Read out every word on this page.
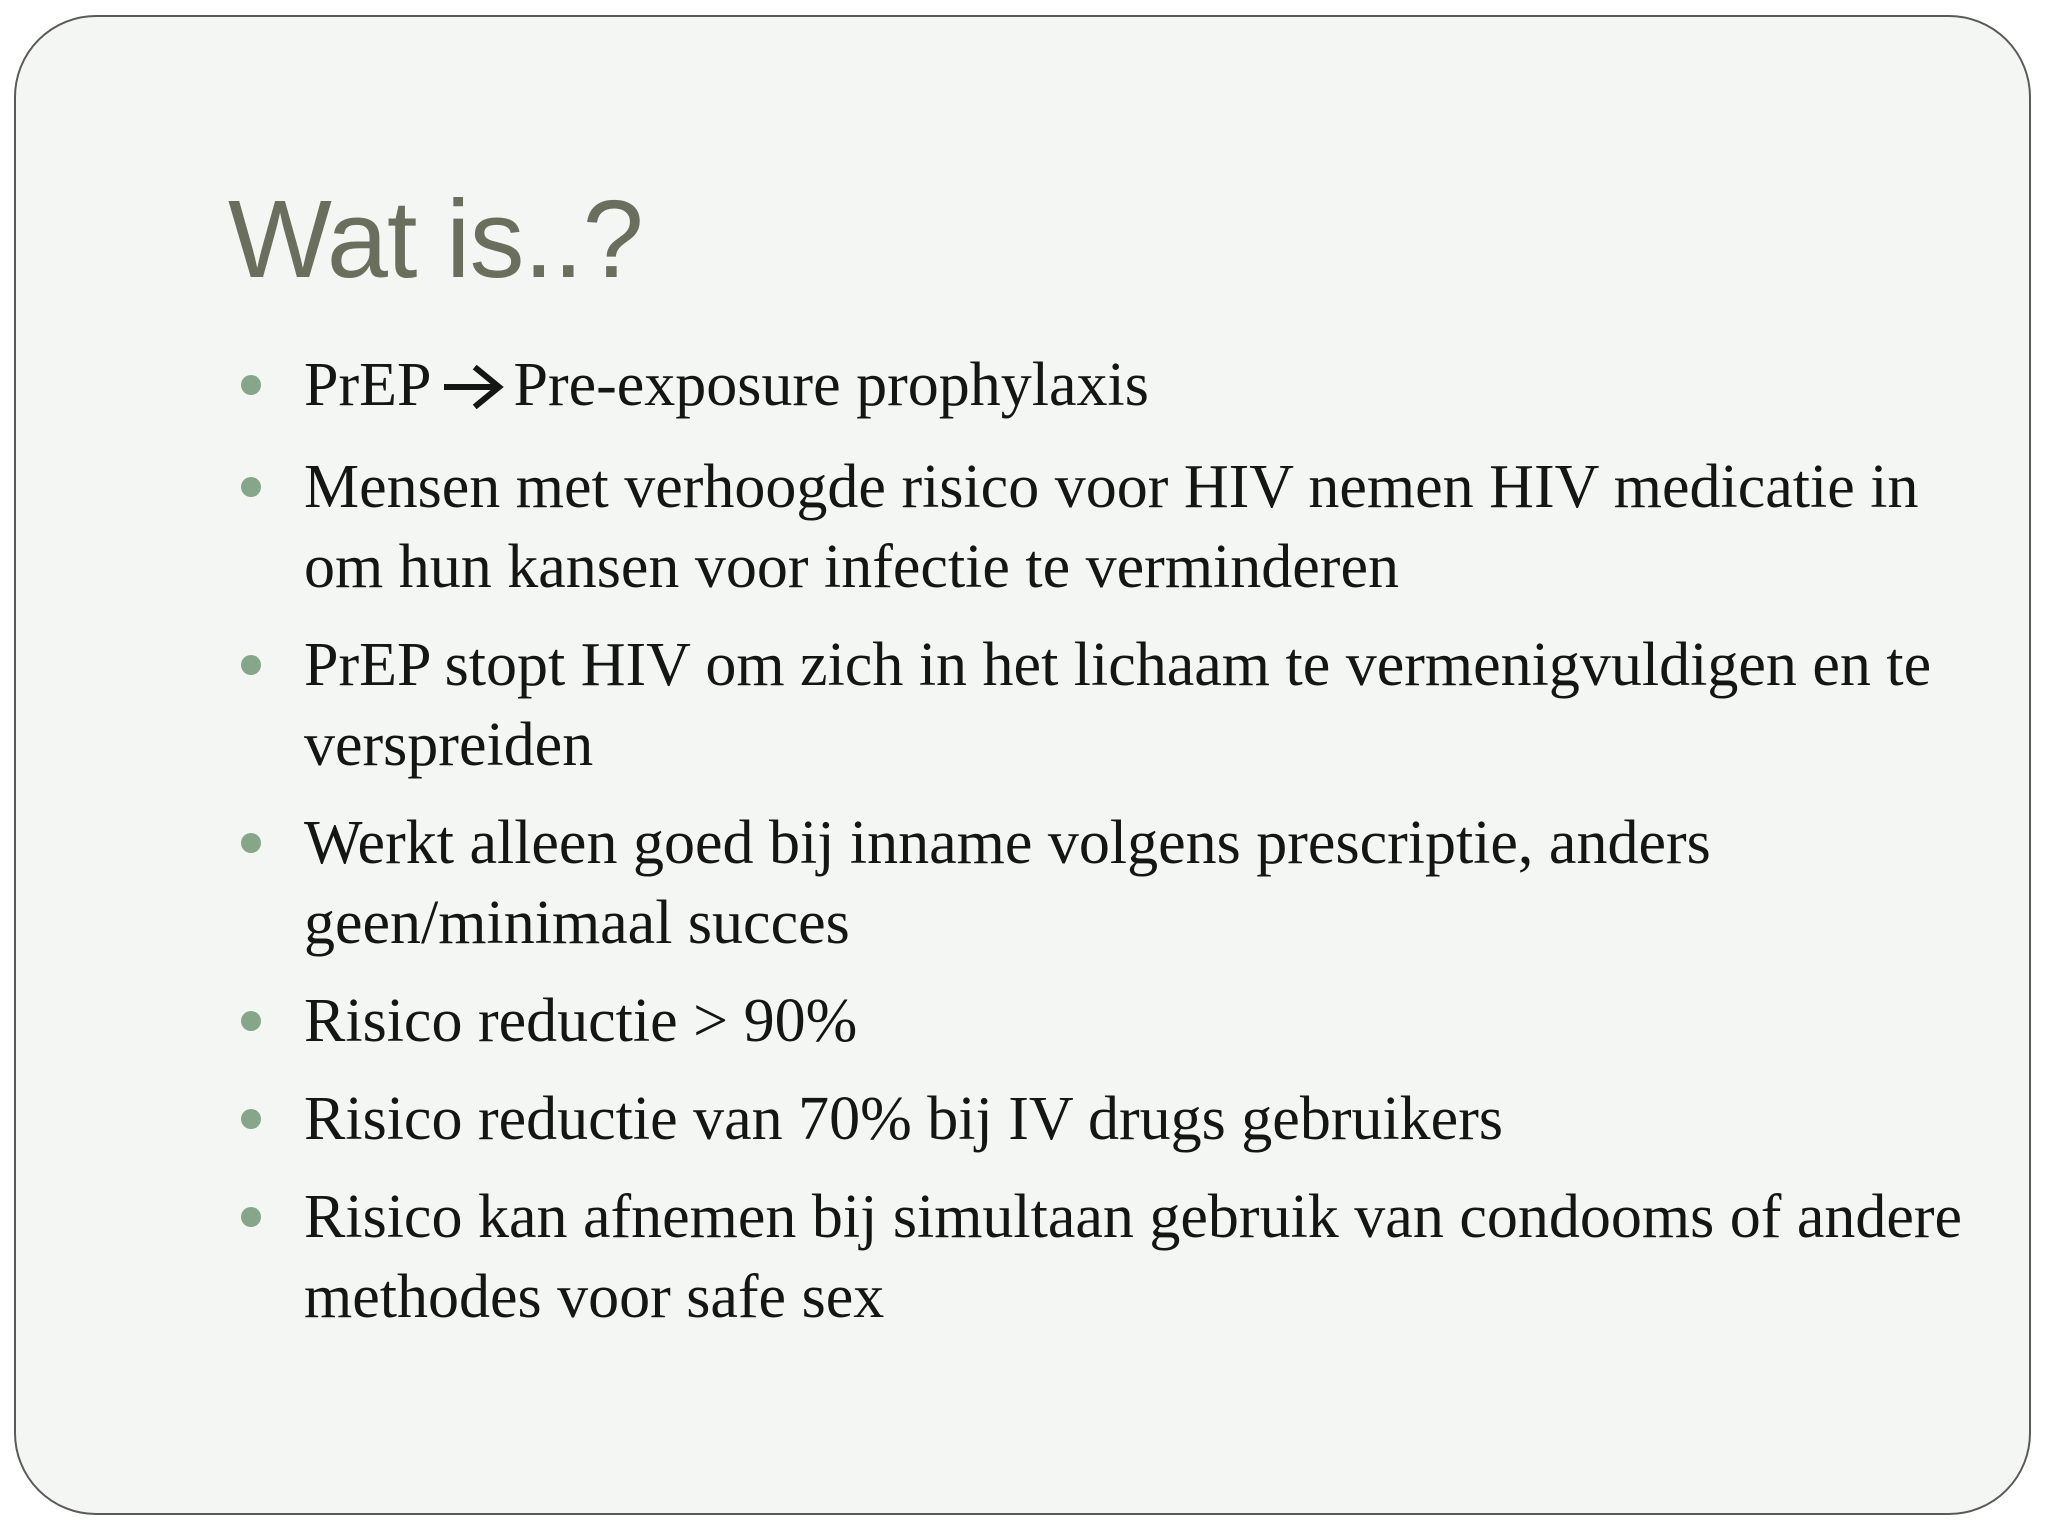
Wat is..?
PrEP Pre-exposure prophylaxis
Mensen met verhoogde risico voor HIV nemen HIV medicatie in om hun kansen voor infectie te verminderen
PrEP stopt HIV om zich in het lichaam te vermenigvuldigen en te verspreiden
Werkt alleen goed bij inname volgens prescriptie, anders geen/minimaal succes
Risico reductie > 90%
Risico reductie van 70% bij IV drugs gebruikers
Risico kan afnemen bij simultaan gebruik van condooms of andere methodes voor safe sex
